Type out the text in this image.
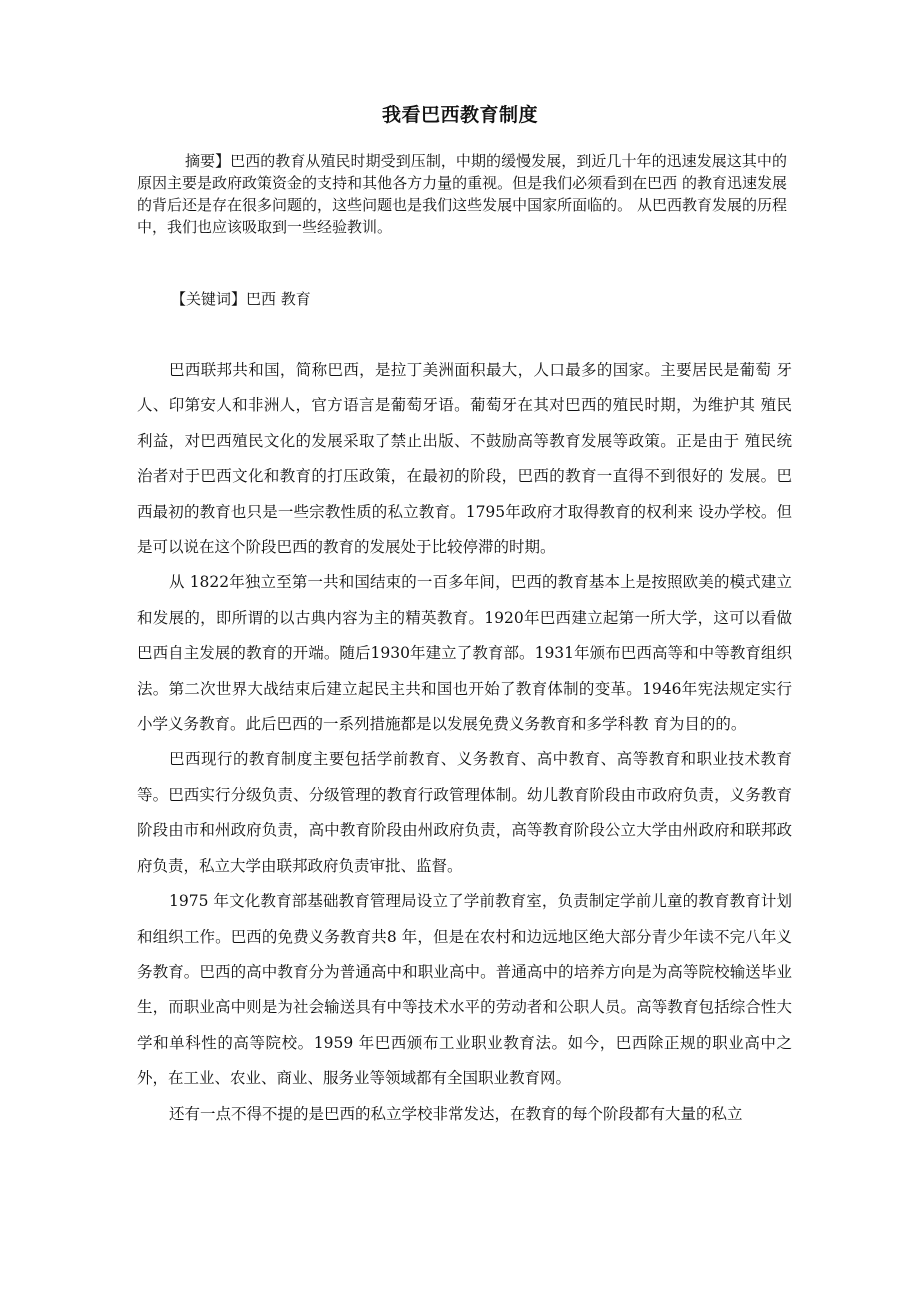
我看巴西教育制度
摘要】巴西的教育从殖民时期受到压制，中期的缓慢发展，到近几十年的迅速发展这其中的原因主要是政府政策资金的支持和其他各方力量的重视。但是我们必须看到在巴西 的教育迅速发展的背后还是存在很多问题的，这些问题也是我们这些发展中国家所面临的。 从巴西教育发展的历程中，我们也应该吸取到一些经验教训。
【关键词】巴西 教育

巴西联邦共和国，简称巴西，是拉丁美洲面积最大，人口最多的国家。主要居民是葡萄 牙人、印第安人和非洲人，官方语言是葡萄牙语。葡萄牙在其对巴西的殖民时期，为维护其 殖民利益，对巴西殖民文化的发展采取了禁止出版、不鼓励高等教育发展等政策。正是由于 殖民统治者对于巴西文化和教育的打压政策，在最初的阶段，巴西的教育一直得不到很好的 发展。巴西最初的教育也只是一些宗教性质的私立教育。1795年政府才取得教育的权利来 设办学校。但是可以说在这个阶段巴西的教育的发展处于比较停滞的时期。

从 1822年独立至第一共和国结束的一百多年间，巴西的教育基本上是按照欧美的模式建立和发展的，即所谓的以古典内容为主的精英教育。1920年巴西建立起第一所大学，这可以看做巴西自主发展的教育的开端。随后1930年建立了教育部。1931年颁布巴西高等和中等教育组织法。第二次世界大战结束后建立起民主共和国也开始了教育体制的变革。1946年宪法规定实行小学义务教育。此后巴西的一系列措施都是以发展免费义务教育和多学科教 育为目的的。

巴西现行的教育制度主要包括学前教育、义务教育、高中教育、高等教育和职业技术教育等。巴西实行分级负责、分级管理的教育行政管理体制。幼儿教育阶段由市政府负责，义务教育阶段由市和州政府负责，高中教育阶段由州政府负责，高等教育阶段公立大学由州政府和联邦政府负责，私立大学由联邦政府负责审批、监督。

1975 年文化教育部基础教育管理局设立了学前教育室，负责制定学前儿童的教育教育计划和组织工作。巴西的免费义务教育共8 年，但是在农村和边远地区绝大部分青少年读不完八年义务教育。巴西的高中教育分为普通高中和职业高中。普通高中的培养方向是为高等院校输送毕业生，而职业高中则是为社会输送具有中等技术水平的劳动者和公职人员。高等教育包括综合性大学和单科性的高等院校。1959 年巴西颁布工业职业教育法。如今，巴西除正规的职业高中之外，在工业、农业、商业、服务业等领域都有全国职业教育网。

还有一点不得不提的是巴西的私立学校非常发达，在教育的每个阶段都有大量的私立
